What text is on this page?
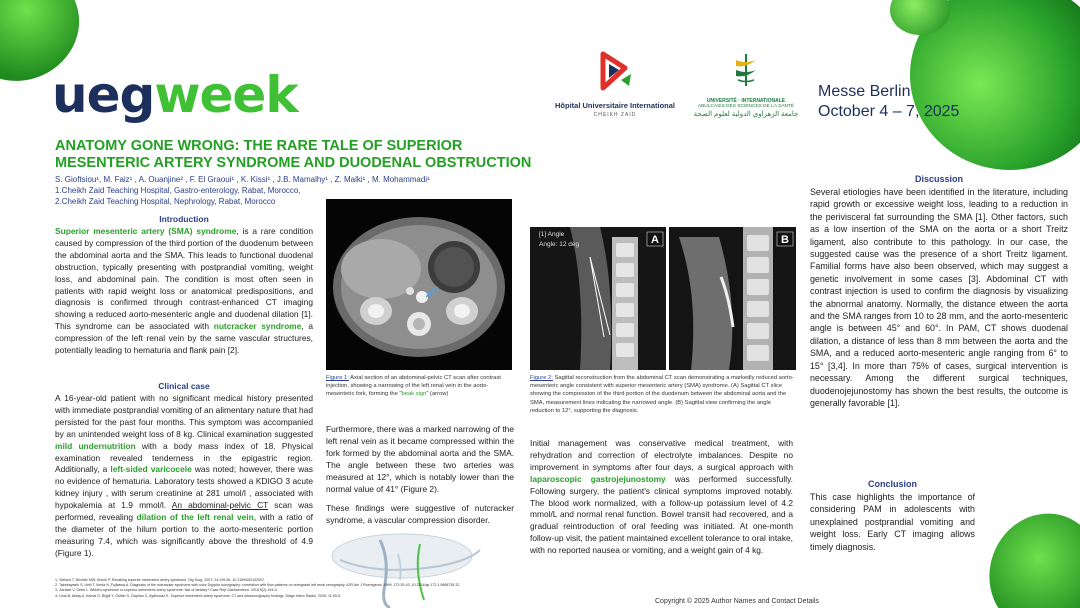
uegweek	Hôpital Universitaire International
CHEIKH ZAID
UNIVERSITÉ · INTERNATIONALE
ABULCASIS DES SCIENCES DE LA SANTÉ
جامعة الزهراوي الدولية لعلوم الصحة
Messe Berlin
October 4 – 7, 2025
ANATOMY GONE WRONG: THE RARE TALE OF SUPERIOR
MESENTERIC ARTERY SYNDROME AND DUODENAL OBSTRUCTION
S. Gioftsiou¹, M. Faiz¹ , A. Ouanjine² , F. El Graoui¹ , K. Kissi¹ , J.B. Mamalhy¹ , Z. Malki¹ , M. Mohammadi¹
1.Cheikh Zaid Teaching Hospital, Gastro-enterology, Rabat, Morocco,
2.Cheikh Zaid Teaching Hospital, Nephrology, Rabat, Morocco
Introduction
Superior mesenteric artery (SMA) syndrome, is a rare condition caused by compression of the third portion of the duodenum between the abdominal aorta and the SMA. This leads to functional duodenal obstruction, typically presenting with postprandial vomiting, weight loss, and abdominal pain. The condition is most often seen in patients with rapid weight loss or anatomical predispositions, and diagnosis is confirmed through contrast-enhanced CT imaging showing a reduced aorto-mesenteric angle and duodenal dilation [1]. This syndrome can be associated with nutcracker syndrome, a compression of the left renal vein by the same vascular structures, potentially leading to hematuria and flank pain [2].
Clinical case
A 16-year-old patient with no significant medical history presented with immediate postprandial vomiting of an alimentary nature that had persisted for the past four months. This symptom was accompanied by an unintended weight loss of 8 kg. Clinical examination suggested mild undernutrition with a body mass index of 18. Physical examination revealed tenderness in the epigastric region. Additionally, a left-sided varicocele was noted; however, there was no evidence of hematuria. Laboratory tests showed a KDIGO 3 acute kidney injury , with serum creatinine at 281 umol/l , associated with hypokalemia at 1.9 mmol/l. An abdominal-pelvic CT scan was performed, revealing dilation of the left renal vein, with a ratio of the diameter of the hilum portion to the aorto-mesenteric portion measuring 7.4, which was significantly above the threshold of 4.9 (Figure 1).
Figure 1: Axial section of an abdominal-pelvic CT scan after contrast injection, showing a narrowing of the left renal vein in the aorto-mesenteric fork, forming the "beak sign" (arrow)
Furthermore, there was a marked narrowing of the left renal vein as it became compressed within the fork formed by the abdominal aorta and the SMA. The angle between these two arteries was measured at 12°, which is notably lower than the normal value of 41° (Figure 2).
These findings were suggestive of nutcracker syndrome, a vascular compression disorder.
A
[1] Angle
Angle: 12 deg	B
Figure 2: Sagittal reconstruction from the abdominal CT scan demonstrating a markedly reduced aorto- mesenteric angle consistent with superior mesenteric artery (SMA) syndrome. (A) Sagittal CT slice showing the compression of the third portion of the duodenum between the abdominal aorta and the SMA, measurement lines indicating the narrowed angle. (B) Sagittal view confirming the angle reduction to 12°, supporting the diagnosis.
Initial management was conservative medical treatment, with rehydration and correction of electrolyte imbalances. Despite no improvement in symptoms after four days, a surgical approach with laparoscopic gastrojejunostomy was performed successfully. Following surgery, the patient's clinical symptoms improved notably. The blood work normalized, with a follow-up potassium level of 4.2 mmol/L and normal renal function. Bowel transit had recovered, and a gradual reintroduction of oral feeding was initiated. At one-month follow-up visit, the patient maintained excellent tolerance to oral intake, with no reported nausea or vomiting, and a weight gain of 4 kg.
Discussion
Several etiologies have been identified in the literature, including rapid growth or excessive weight loss, leading to a reduction in the perivisceral fat surrounding the SMA [1]. Other factors, such as a low insertion of the SMA on the aorta or a short Treitz ligament, also contribute to this pathology. In our case, the suggested cause was the presence of a short Treitz ligament. Familial forms have also been observed, which may suggest a genetic involvement in some cases [3]. Abdominal CT with contrast injection is used to confirm the diagnosis by visualizing the abnormal anatomy. Normally, the distance etween the aorta and the SMA ranges from 10 to 28 mm, and the aorto-mesenteric angle is between 45° and 60°. In PAM, CT shows duodenal dilation, a distance of less than 8 mm between the aorta and the SMA, and a reduced aorto-mesenteric angle ranging from 6° to 15° [3,4]. In more than 75% of cases, surgical intervention is necessary. Among the different surgical techniques, duodenojejunostomy has shown the best results, the outcome is generally favorable [1].
Conclusion
This case highlights the importance of considering PAM in adolescents with unexplained postprandial vomiting and weight loss. Early CT imaging allows timely diagnosis.
1- Welsch T, Büchler MW, Kienle P. Recalling superior mesenteric artery syndrome. Dig Surg. 2007; 24:149-56. 10.1159/000102097
2- Takebayashi S, Ueki T, Ikeda N, Fujikawa A. Diagnosis of the nutcracker syndrome with color Doppler sonography: correlation with flow patterns on retrograde left renal venography. AJR Am J Roentgenol. 1999; 172:39-43. 10.2214/ajr.172.1.9888735 32
3- Zaraket V, Deeb L. Wilkie's syndrome or superior mesenteric artery syndrome: fact or fantasy? Case Rep Gastroenterol. 2015;9(2):194-9.
4- Unal B, Aktaş A, Kemal G, Bilgili Y, Güliter S, Daphan C, Aydinuraz K. Superior mesenteric artery syndrome: CT and ultrasonography findings. Diagn Interv Radiol. 2005; 11:90-5.
Copyright © 2025 Author Names and Contact Details
